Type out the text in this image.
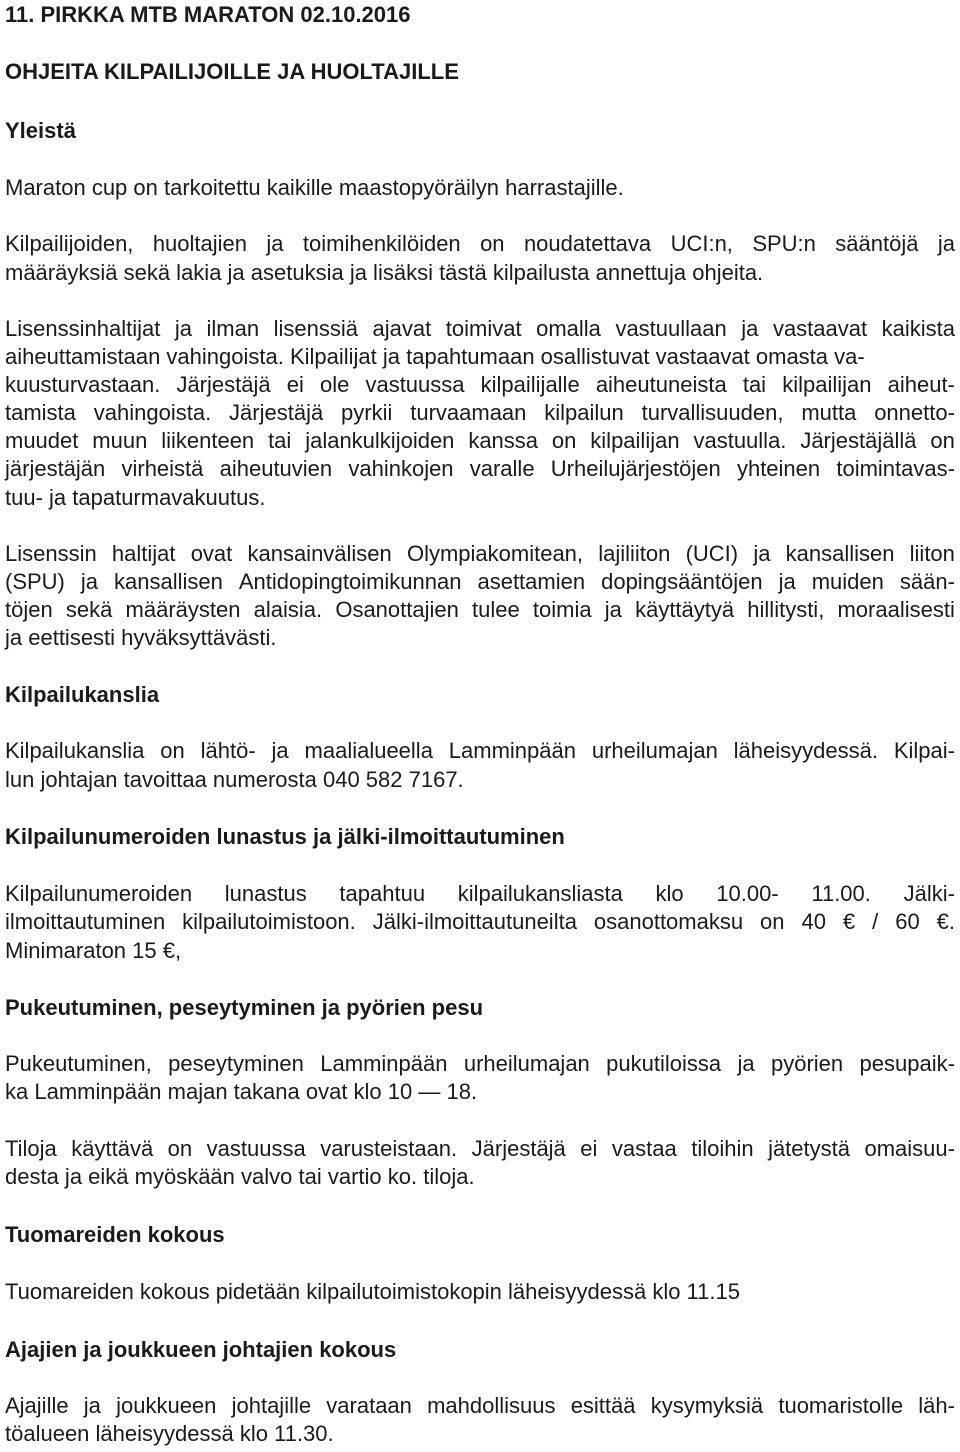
11. PIRKKA MTB MARATON 02.10.2016
OHJEITA KILPAILIJOILLE JA HUOLTAJILLE
Yleistä
Maraton cup on tarkoitettu kaikille maastopyöräilyn harrastajille.
Kilpailijoiden, huoltajien ja toimihenkilöiden on noudatettava UCI:n, SPU:n sääntöjä ja
määräyksiä sekä lakia ja asetuksia ja lisäksi tästä kilpailusta annettuja ohjeita.
Lisenssinhaltijat ja ilman lisenssiä ajavat toimivat omalla vastuullaan ja vastaavat kaikista
aiheuttamistaan vahingoista. Kilpailijat ja tapahtumaan osallistuvat vastaavat omasta va-
kuusturvastaan. Järjestäjä ei ole vastuussa kilpailijalle aiheutuneista tai kilpailijan aiheut-
tamista vahingoista. Järjestäjä pyrkii turvaamaan kilpailun turvallisuuden, mutta onnetto-
muudet muun liikenteen tai jalankulkijoiden kanssa on kilpailijan vastuulla. Järjestäjällä on
järjestäjän virheistä aiheutuvien vahinkojen varalle Urheilujärjestöjen yhteinen toimintavas-
tuu- ja tapaturmavakuutus.
Lisenssin haltijat ovat kansainvälisen Olympiakomitean, lajiliiton (UCI) ja kansallisen liiton
(SPU) ja kansallisen Antidopingtoimikunnan asettamien dopingsääntöjen ja muiden sään-
töjen sekä määräysten alaisia. Osanottajien tulee toimia ja käyttäytyä hillitysti, moraalisesti
ja eettisesti hyväksyttävästi.
Kilpailukanslia
Kilpailukanslia on lähtö- ja maalialueella Lamminpään urheilumajan läheisyydessä. Kilpai-
lun johtajan tavoittaa numerosta 040 582 7167.
Kilpailunumeroiden lunastus ja jälki-ilmoittautuminen
Kilpailunumeroiden lunastus tapahtuu kilpailukansliasta klo 10.00- 11.00. Jälki-
ilmoittautuminen kilpailutoimistoon. Jälki-ilmoittautuneilta osanottomaksu on 40 € / 60 €.
Minimaraton 15 €,
Pukeutuminen, peseytyminen ja pyörien pesu
Pukeutuminen, peseytyminen Lamminpään urheilumajan pukutiloissa ja pyörien pesupaik-
ka Lamminpään majan takana ovat klo 10 — 18.
Tiloja käyttävä on vastuussa varusteistaan. Järjestäjä ei vastaa tiloihin jätetystä omaisuu-
desta ja eikä myöskään valvo tai vartio ko. tiloja.
Tuomareiden kokous
Tuomareiden kokous pidetään kilpailutoimistokopin läheisyydessä klo 11.15
Ajajien ja joukkueen johtajien kokous
Ajajille ja joukkueen johtajille varataan mahdollisuus esittää kysymyksiä tuomaristolle läh-
töalueen läheisyydessä klo 11.30.
